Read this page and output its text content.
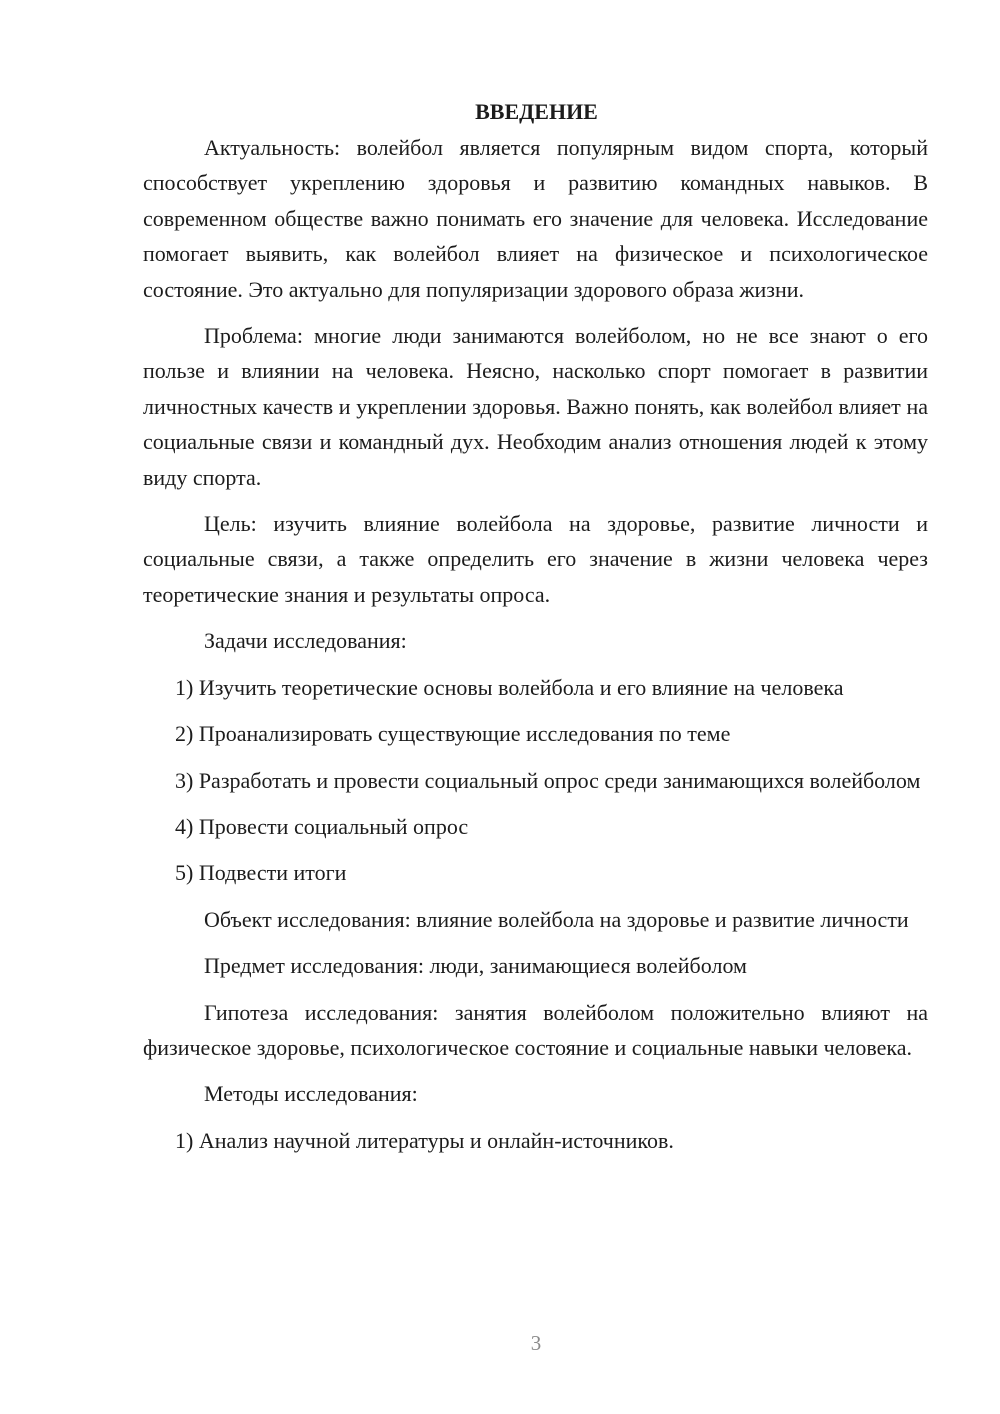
ВВЕДЕНИЕ

Актуальность: волейбол является популярным видом спорта, который способствует укреплению здоровья и развитию командных навыков. В современном обществе важно понимать его значение для человека. Исследование помогает выявить, как волейбол влияет на физическое и психологическое состояние. Это актуально для популяризации здорового образа жизни.

Проблема: многие люди занимаются волейболом, но не все знают о его пользе и влиянии на человека. Неясно, насколько спорт помогает в развитии личностных качеств и укреплении здоровья. Важно понять, как волейбол влияет на социальные связи и командный дух. Необходим анализ отношения людей к этому виду спорта.

Цель: изучить влияние волейбола на здоровье, развитие личности и социальные связи, а также определить его значение в жизни человека через теоретические знания и результаты опроса.

Задачи исследования:

1) Изучить теоретические основы волейбола и его влияние на человека

2) Проанализировать существующие исследования по теме

3) Разработать и провести социальный опрос среди занимающихся волейболом

4) Провести социальный опрос

5) Подвести итоги

Объект исследования: влияние волейбола на здоровье и развитие личности

Предмет исследования: люди, занимающиеся волейболом

Гипотеза исследования: занятия волейболом положительно влияют на физическое здоровье, психологическое состояние и социальные навыки человека.

Методы исследования:

1) Анализ научной литературы и онлайн-источников.

3
